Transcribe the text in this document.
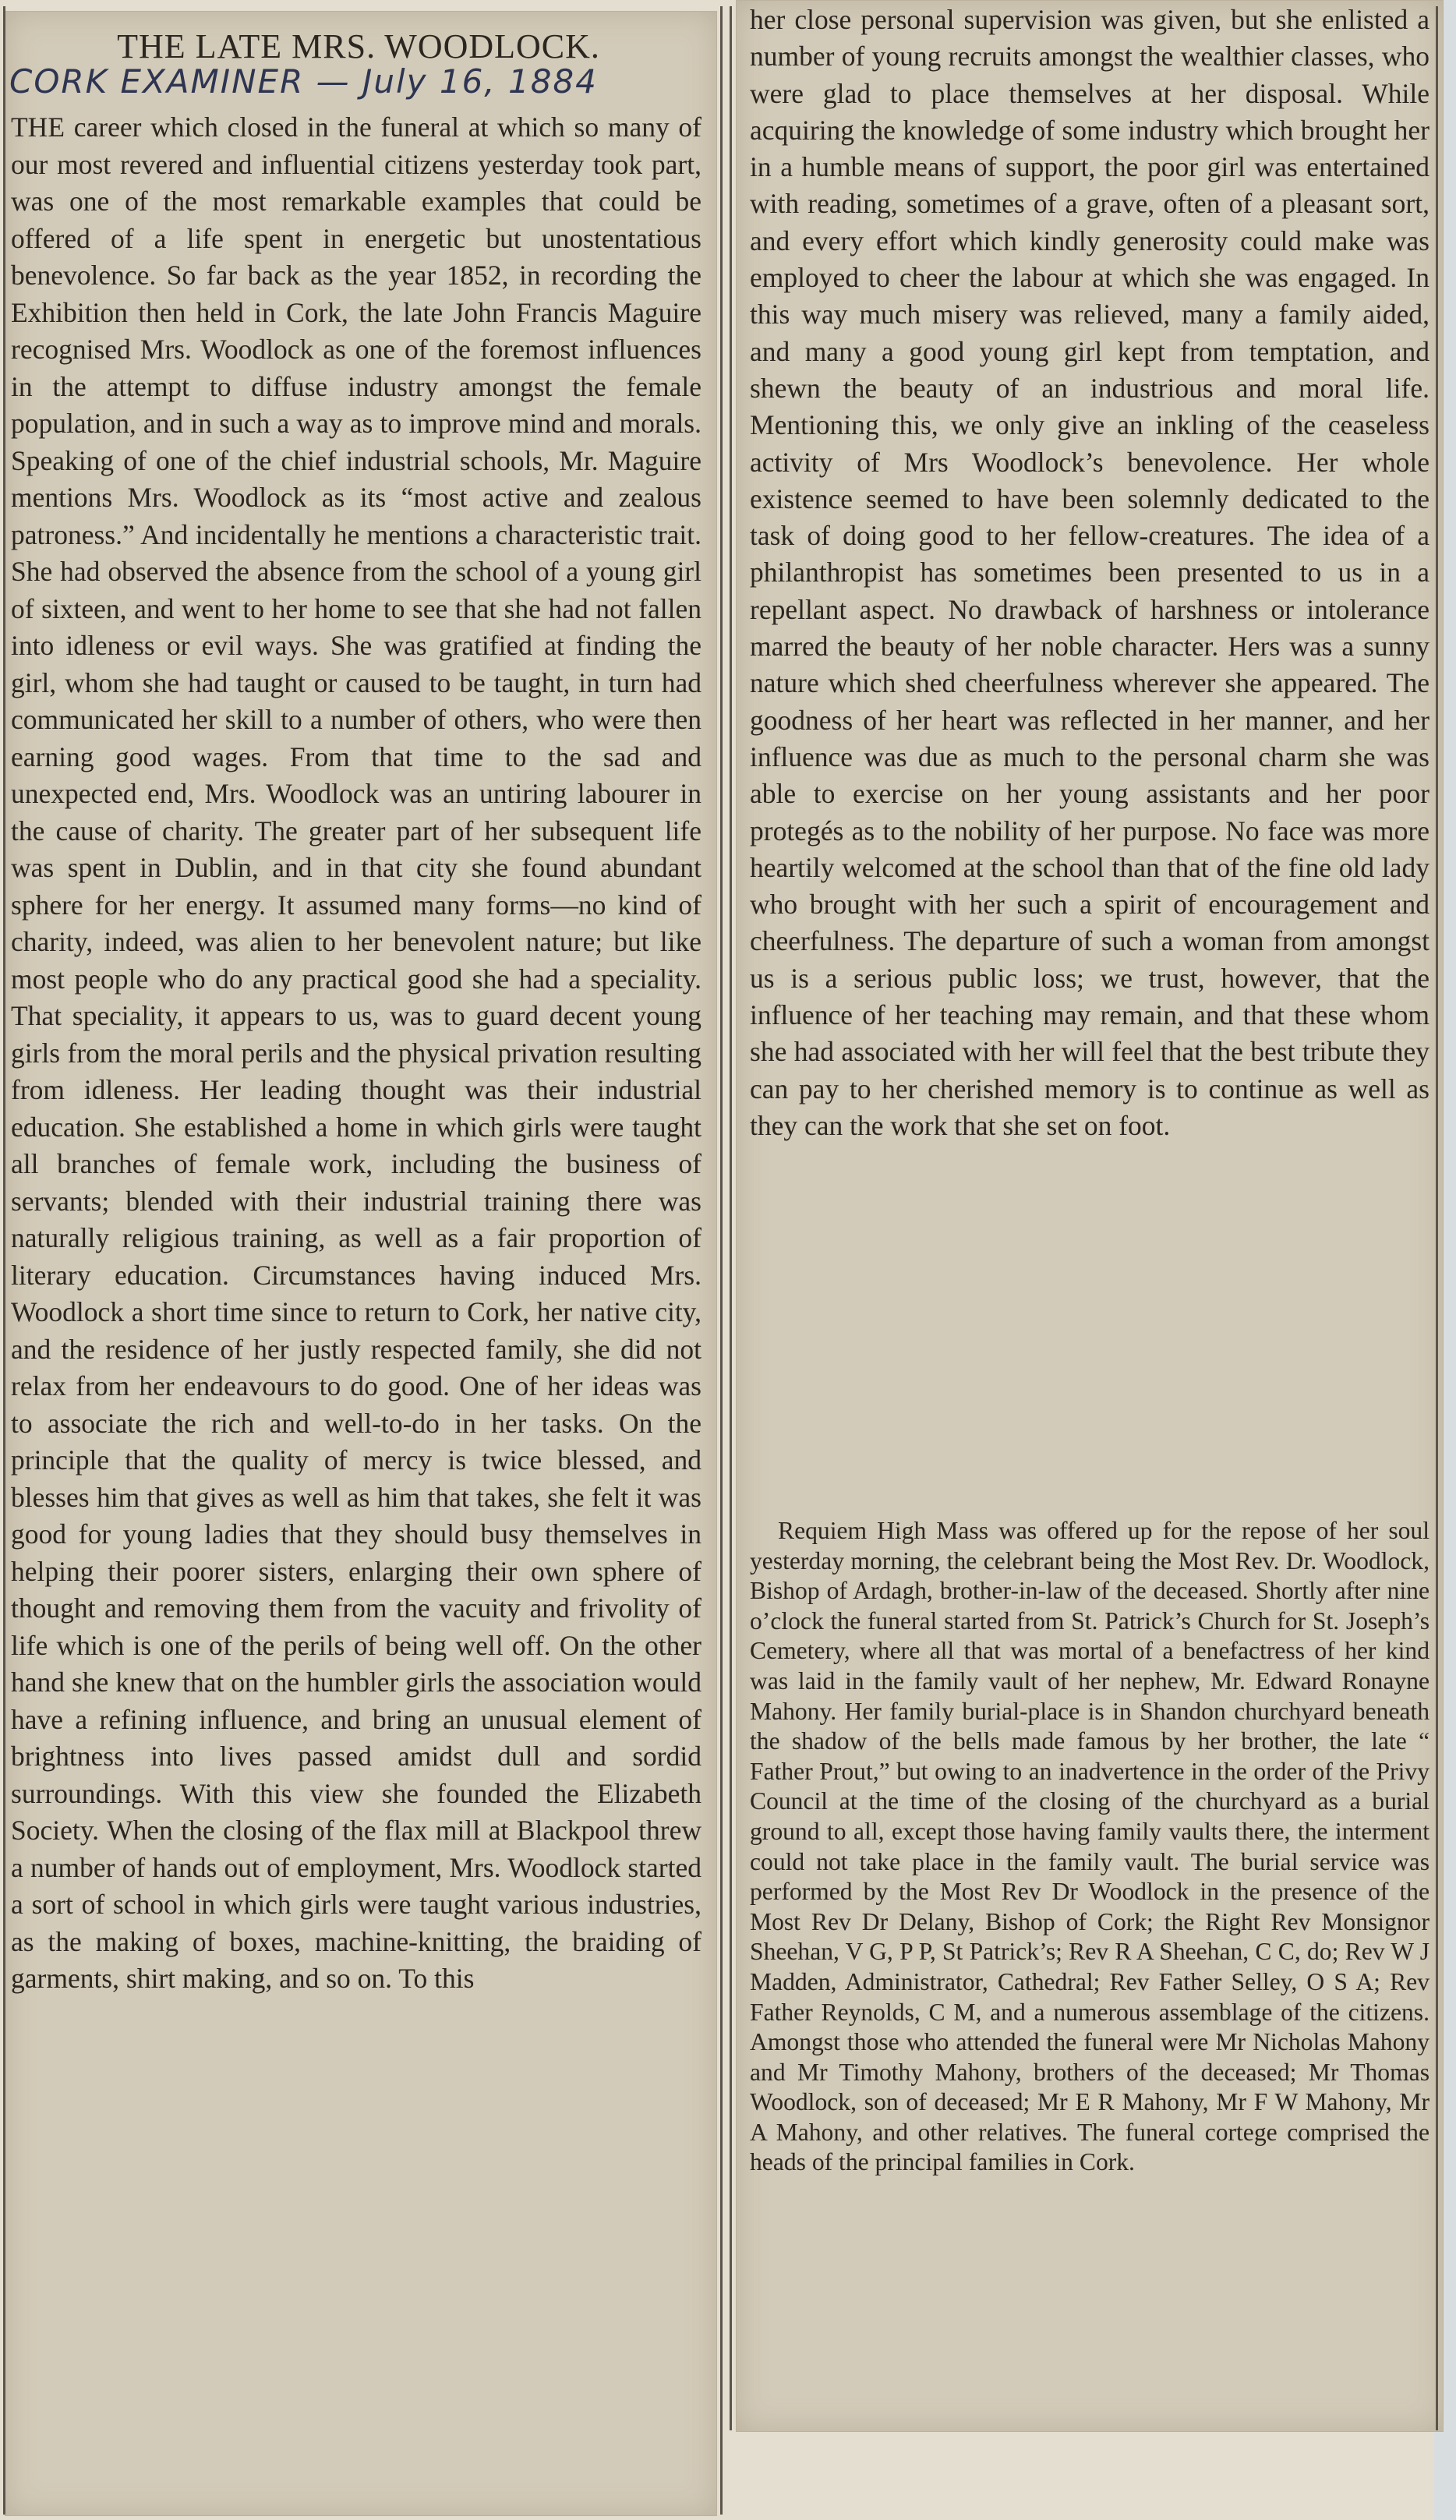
THE LATE MRS. WOODLOCK.
CORK EXAMINER — July 16, 1884

THE career which closed in the funeral at which so many of our most revered and influential citizens yesterday took part, was one of the most remarkable examples that could be offered of a life spent in energetic but unostentatious benevolence. So far back as the year 1852, in recording the Exhibition then held in Cork, the late John Francis Maguire recognised Mrs. Woodlock as one of the foremost influences in the attempt to diffuse industry amongst the female population, and in such a way as to improve mind and morals. Speaking of one of the chief industrial schools, Mr. Maguire mentions Mrs. Woodlock as its “most active and zealous patroness.” And incidentally he mentions a characteristic trait. She had observed the absence from the school of a young girl of sixteen, and went to her home to see that she had not fallen into idleness or evil ways. She was gratified at finding the girl, whom she had taught or caused to be taught, in turn had communicated her skill to a number of others, who were then earning good wages. From that time to the sad and unexpected end, Mrs. Woodlock was an untiring labourer in the cause of charity. The greater part of her subsequent life was spent in Dublin, and in that city she found abundant sphere for her energy. It assumed many forms—no kind of charity, indeed, was alien to her benevolent nature; but like most people who do any practical good she had a speciality. That speciality, it appears to us, was to guard decent young girls from the moral perils and the physical privation resulting from idleness. Her leading thought was their industrial education. She established a home in which girls were taught all branches of female work, including the business of servants; blended with their industrial training there was naturally religious training, as well as a fair proportion of literary education. Circumstances having induced Mrs. Woodlock a short time since to return to Cork, her native city, and the residence of her justly respected family, she did not relax from her endeavours to do good. One of her ideas was to associate the rich and well-to-do in her tasks. On the principle that the quality of mercy is twice blessed, and blesses him that gives as well as him that takes, she felt it was good for young ladies that they should busy themselves in helping their poorer sisters, enlarging their own sphere of thought and removing them from the vacuity and frivolity of life which is one of the perils of being well off. On the other hand she knew that on the humbler girls the association would have a refining influence, and bring an unusual element of brightness into lives passed amidst dull and sordid surroundings. With this view she founded the Elizabeth Society. When the closing of the flax mill at Blackpool threw a number of hands out of employment, Mrs. Woodlock started a sort of school in which girls were taught various industries, as the making of boxes, machine-knitting, the braiding of garments, shirt making, and so on. To this

her close personal supervision was given, but she enlisted a number of young recruits amongst the wealthier classes, who were glad to place themselves at her disposal. While acquiring the knowledge of some industry which brought her in a humble means of support, the poor girl was entertained with reading, sometimes of a grave, often of a pleasant sort, and every effort which kindly generosity could make was employed to cheer the labour at which she was engaged. In this way much misery was relieved, many a family aided, and many a good young girl kept from temptation, and shewn the beauty of an industrious and moral life. Mentioning this, we only give an inkling of the ceaseless activity of Mrs Woodlock’s benevolence. Her whole existence seemed to have been solemnly dedicated to the task of doing good to her fellow-creatures. The idea of a philanthropist has sometimes been presented to us in a repellant aspect. No drawback of harshness or intolerance marred the beauty of her noble character. Hers was a sunny nature which shed cheerfulness wherever she appeared. The goodness of her heart was reflected in her manner, and her influence was due as much to the personal charm she was able to exercise on her young assistants and her poor protegés as to the nobility of her purpose. No face was more heartily welcomed at the school than that of the fine old lady who brought with her such a spirit of encouragement and cheerfulness. The departure of such a woman from amongst us is a serious public loss; we trust, however, that the influence of her teaching may remain, and that these whom she had associated with her will feel that the best tribute they can pay to her cherished memory is to continue as well as they can the work that she set on foot.

Requiem High Mass was offered up for the repose of her soul yesterday morning, the celebrant being the Most Rev. Dr. Woodlock, Bishop of Ardagh, brother-in-law of the deceased. Shortly after nine o’clock the funeral started from St. Patrick’s Church for St. Joseph’s Cemetery, where all that was mortal of a benefactress of her kind was laid in the family vault of her nephew, Mr. Edward Ronayne Mahony. Her family burial-place is in Shandon churchyard beneath the shadow of the bells made famous by her brother, the late “ Father Prout,” but owing to an inadvertence in the order of the Privy Council at the time of the closing of the churchyard as a burial ground to all, except those having family vaults there, the interment could not take place in the family vault. The burial service was performed by the Most Rev Dr Woodlock in the presence of the Most Rev Dr Delany, Bishop of Cork; the Right Rev Monsignor Sheehan, V G, P P, St Patrick’s; Rev R A Sheehan, C C, do; Rev W J Madden, Administrator, Cathedral; Rev Father Selley, O S A; Rev Father Reynolds, C M, and a numerous assemblage of the citizens. Amongst those who attended the funeral were Mr Nicholas Mahony and Mr Timothy Mahony, brothers of the deceased; Mr Thomas Woodlock, son of deceased; Mr E R Mahony, Mr F W Mahony, Mr A Mahony, and other relatives. The funeral cortege comprised the heads of the principal families in Cork.
